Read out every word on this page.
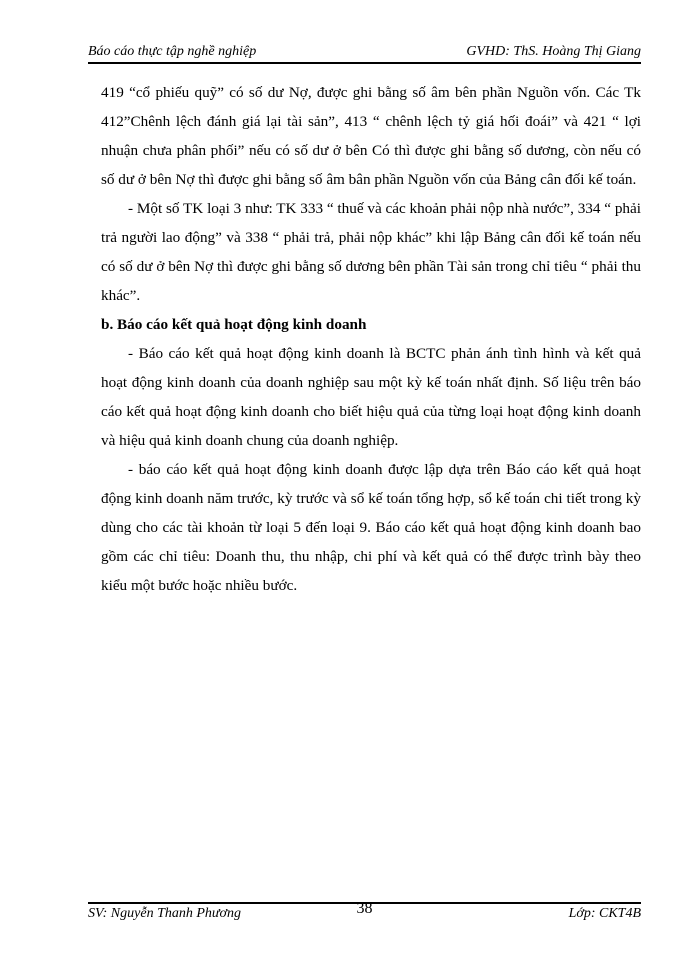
Báo cáo thực tập nghề nghiệp	GVHD: ThS. Hoàng Thị Giang

419 “cổ phiếu quỹ” có số dư Nợ, được ghi bằng số âm bên phần Nguồn vốn. Các Tk 412”Chênh lệch đánh giá lại tài sản”, 413 “ chênh lệch tỷ giá hối đoái” và 421 “ lợi nhuận chưa phân phối” nếu có số dư ở bên Có thì được ghi bằng số dương, còn nếu có số dư ở bên Nợ thì được ghi bằng số âm bân phần Nguồn vốn của Bảng cân đối kế toán.

- Một số TK loại 3 như: TK 333 “ thuế và các khoản phải nộp nhà nước”, 334 “ phải trả người lao động” và 338 “ phải trả, phải nộp khác” khi lập Bảng cân đối kế toán nếu có số dư ở bên Nợ thì được ghi bằng số dương bên phần Tài sản trong chỉ tiêu “ phải thu khác”.

b. Báo cáo kết quả hoạt động kinh doanh

- Báo cáo kết quả hoạt động kinh doanh là BCTC phản ánh tình hình và kết quả hoạt động kinh doanh của doanh nghiệp sau một kỳ kế toán nhất định. Số liệu trên báo cáo kết quả hoạt động kinh doanh cho biết hiệu quả của từng loại hoạt động kinh doanh và hiệu quả kinh doanh chung của doanh nghiệp.

- báo cáo kết quả hoạt động kinh doanh được lập dựa trên Báo cáo kết quả hoạt động kinh doanh năm trước, kỳ trước và sổ kế toán tổng hợp, sổ kế toán chi tiết trong kỳ dùng cho các tài khoản từ loại 5 đến loại 9. Báo cáo kết quả hoạt động kinh doanh bao gồm các chỉ tiêu: Doanh thu, thu nhập, chi phí và kết quả có thể được trình bày theo kiểu một bước hoặc nhiều bước.

SV: Nguyễn Thanh Phương	38	Lớp: CKT4B
